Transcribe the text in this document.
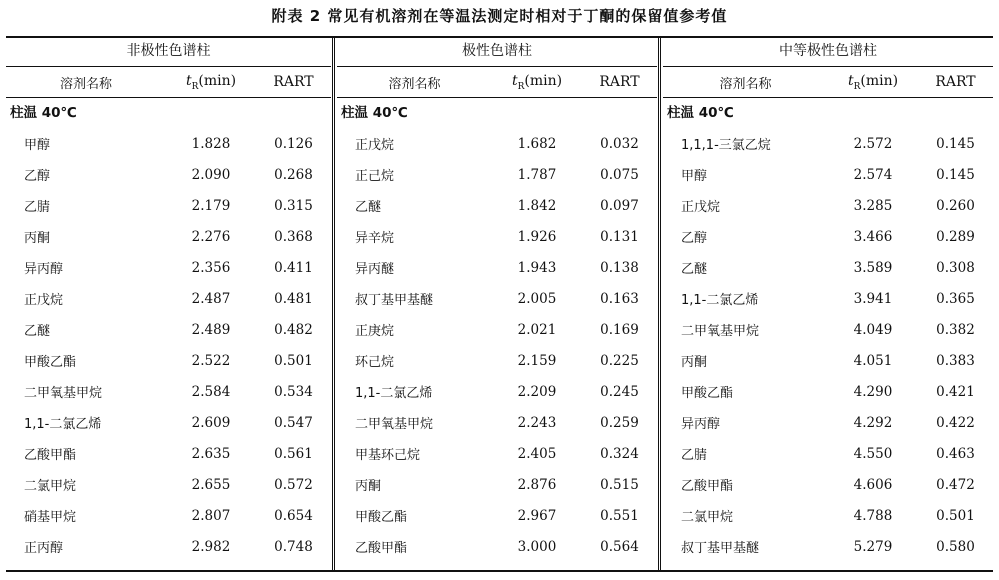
附表 2 常见有机溶剂在等温法测定时相对于丁酮的保留值参考值
非极性色谱柱
溶剂名称	$t_R(\min)$	RART
柱温 40℃
甲醇	1.828	0.126
乙醇	2.090	0.268
乙腈	2.179	0.315
丙酮	2.276	0.368
异丙醇	2.356	0.411
正戊烷	2.487	0.481
乙醚	2.489	0.482
甲酸乙酯	2.522	0.501
二甲氧基甲烷	2.584	0.534
1,1-二氯乙烯	2.609	0.547
乙酸甲酯	2.635	0.561
二氯甲烷	2.655	0.572
硝基甲烷	2.807	0.654
正丙醇	2.982	0.748
极性色谱柱
溶剂名称	$t_R(\min)$	RART
柱温 40℃
正戊烷	1.682	0.032
正己烷	1.787	0.075
乙醚	1.842	0.097
异辛烷	1.926	0.131
异丙醚	1.943	0.138
叔丁基甲基醚	2.005	0.163
正庚烷	2.021	0.169
环己烷	2.159	0.225
1,1-二氯乙烯	2.209	0.245
二甲氧基甲烷	2.243	0.259
甲基环己烷	2.405	0.324
丙酮	2.876	0.515
甲酸乙酯	2.967	0.551
乙酸甲酯	3.000	0.564
中等极性色谱柱
溶剂名称	$t_R(\min)$	RART
柱温 40℃
1,1,1-三氯乙烷	2.572	0.145
甲醇	2.574	0.145
正戊烷	3.285	0.260
乙醇	3.466	0.289
乙醚	3.589	0.308
1,1-二氯乙烯	3.941	0.365
二甲氧基甲烷	4.049	0.382
丙酮	4.051	0.383
甲酸乙酯	4.290	0.421
异丙醇	4.292	0.422
乙腈	4.550	0.463
乙酸甲酯	4.606	0.472
二氯甲烷	4.788	0.501
叔丁基甲基醚	5.279	0.580
